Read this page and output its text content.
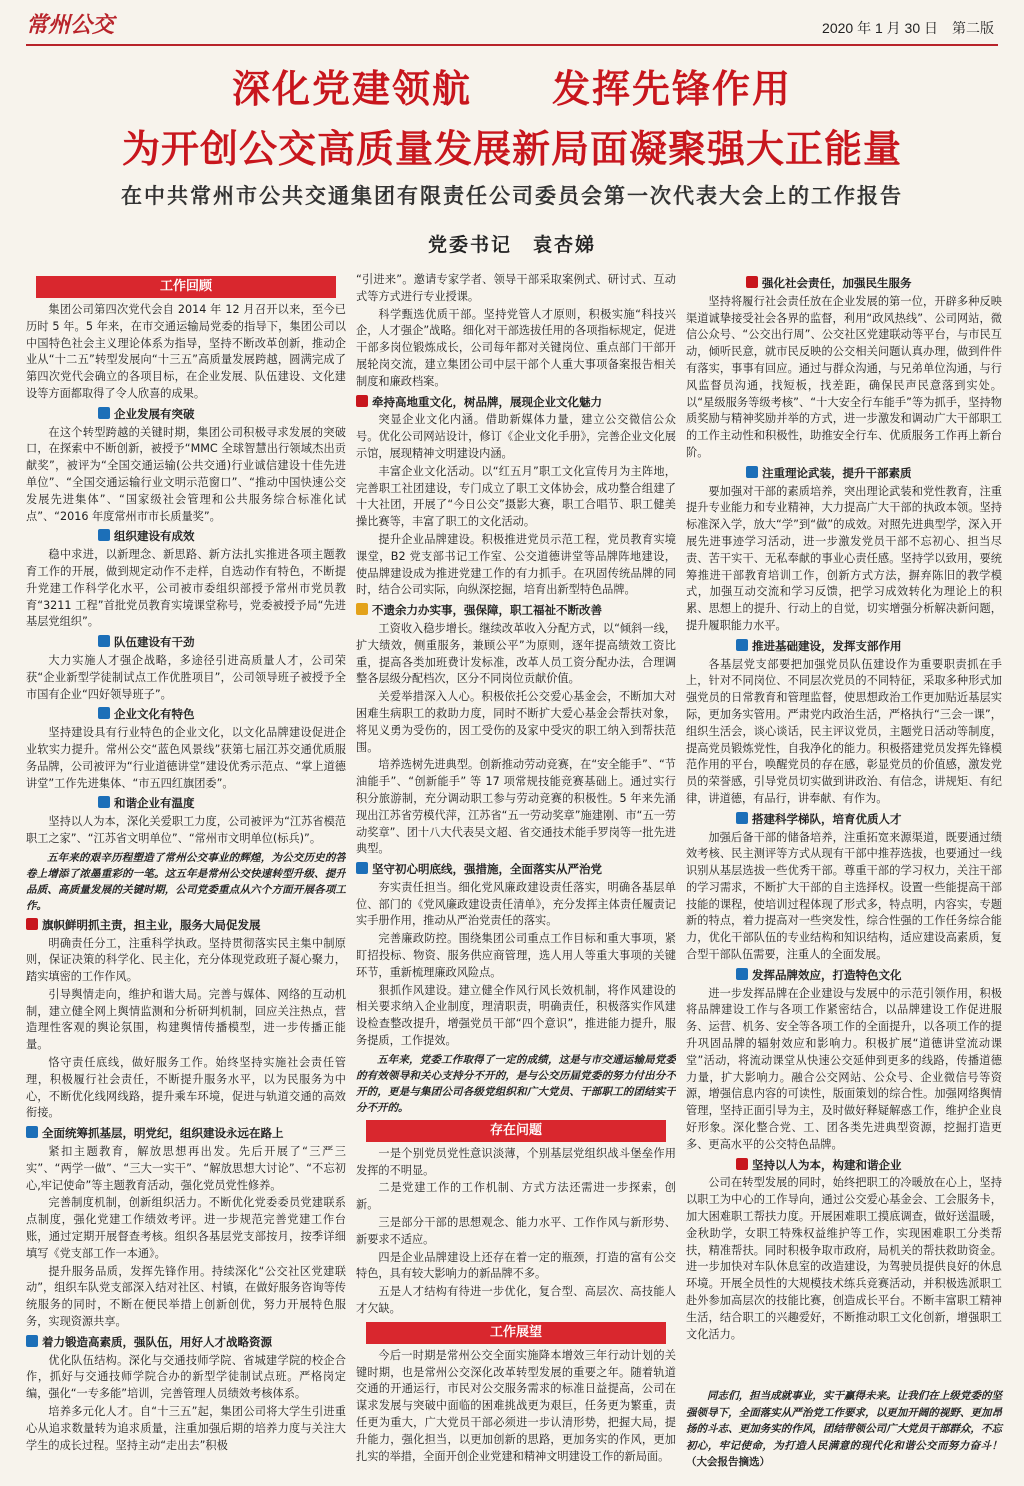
常州公交	2020 年 1 月 30 日　第二版
深化党建领航　　发挥先锋作用
为开创公交高质量发展新局面凝聚强大正能量
在中共常州市公共交通集团有限责任公司委员会第一次代表大会上的工作报告
党委书记　袁杏娣
工作回顾

集团公司第四次党代会自 2014 年 12 月召开以来，至今已历时 5 年。5 年来，在市交通运输局党委的指导下，集团公司以中国特色社会主义理论体系为指导，坚持不断改革创新，推动企业从“十二五”转型发展向“十三五”高质量发展跨越，圆满完成了第四次党代会确立的各项目标，在企业发展、队伍建设、文化建设等方面都取得了令人欣喜的成果。

企业发展有突破

在这个转型跨越的关键时期，集团公司积极寻求发展的突破口，在探索中不断创新，被授予“MMC 全球智慧出行领域杰出贡献奖”，被评为“全国交通运输(公共交通)行业诚信建设十佳先进单位”、“全国交通运输行业文明示范窗口”、“推动中国快速公交发展先进集体”、“国家级社会管理和公共服务综合标准化试点”、“2016 年度常州市市长质量奖”。

组织建设有成效

稳中求进，以新理念、新思路、新方法扎实推进各项主题教育工作的开展，做到规定动作不走样，自选动作有特色，不断提升党建工作科学化水平，公司被市委组织部授予常州市党员教育“3211 工程”首批党员教育实境课堂称号，党委被授予局“先进基层党组织”。

队伍建设有干劲

大力实施人才强企战略，多途径引进高质量人才，公司荣获“企业新型学徒制试点工作优胜项目”，公司领导班子被授予全市国有企业“四好领导班子”。

企业文化有特色

坚持建设具有行业特色的企业文化，以文化品牌建设促进企业软实力提升。常州公交“蓝色风景线”获第七届江苏交通优质服务品牌，公司被评为“行业道德讲堂”建设优秀示范点、“掌上道德讲堂”工作先进集体、“市五四红旗团委”。

和谐企业有温度

坚持以人为本，深化关爱职工力度，公司被评为“江苏省模范职工之家”、“江苏省文明单位”、“常州市文明单位(标兵)”。

五年来的艰辛历程塑造了常州公交事业的辉煌，为公交历史的答卷上增添了浓墨重彩的一笔。这五年是常州公交快速转型升级、提升品质、高质量发展的关键时期，公司党委重点从六个方面开展各项工作。

旗帜鲜明抓主责，担主业，服务大局促发展

明确责任分工，注重科学执政。坚持贯彻落实民主集中制原则，保证决策的科学化、民主化，充分体现党政班子凝心聚力，踏实填密的工作作风。

引导舆情走向，维护和谐大局。完善与媒体、网络的互动机制，建立健全网上舆情监测和分析研判机制，回应关注热点，营造理性客观的舆论氛围，构建舆情传播模型，进一步传播正能量。

恪守责任底线，做好服务工作。始终坚持实施社会责任管理，积极履行社会责任，不断提升服务水平，以为民服务为中心，不断优化线网线路，提升乘车环境，促进与轨道交通的高效衔接。

全面统筹抓基层，明党纪，组织建设永远在路上

紧扣主题教育，解放思想再出发。先后开展了“三严三实”、“两学一做”、“三大一实干”、“解放思想大讨论”、“不忘初心,牢记使命”等主题教育活动，强化党员党性修养。

完善制度机制，创新组织活力。不断优化党委委员党建联系点制度，强化党建工作绩效考评。进一步规范完善党建工作台账，通过定期开展督查考核。组织各基层党支部按月，按季详细填写《党支部工作一本通》。

提升服务品质，发挥先锋作用。持续深化“公交社区党建联动”，组织车队党支部深入结对社区、村镇，在做好服务咨询等传统服务的同时，不断在便民举措上创新创优，努力开展特色服务，实现资源共享。

着力锻造高素质，强队伍，用好人才战略资源

优化队伍结构。深化与交通技师学院、省城建学院的校企合作，抓好与交通技师学院合办的新型学徒制试点班。严格岗定编，强化“一专多能”培训，完善管理人员绩效考核体系。

培养多元化人才。自“十三五”起，集团公司将大学生引进重心从追求数量转为追求质量，注重加强后期的培养力度与关注大学生的成长过程。坚持主动“走出去”积极

“引进来”。邀请专家学者、领导干部采取案例式、研讨式、互动式等方式进行专业授课。

科学甄选优质干部。坚持党管人才原则，积极实施“科技兴企，人才强企”战略。细化对干部选拔任用的各项指标规定，促进干部多岗位锻炼成长，公司每年都对关键岗位、重点部门干部开展轮岗交流，建立集团公司中层干部个人重大事项备案报告相关制度和廉政档案。

牵持高地重文化，树品牌，展现企业文化魅力

突显企业文化内涵。借助新媒体力量，建立公交微信公众号。优化公司网站设计，修订《企业文化手册》，完善企业文化展示馆，展现精神文明建设内涵。

丰富企业文化活动。以“红五月”职工文化宣传月为主阵地，完善职工社团建设，专门成立了职工文体协会，成功整合组建了十大社团，开展了“今日公交”摄影大赛，职工合唱节、职工健美操比赛等，丰富了职工的文化活动。

提升企业品牌建设。积极推进党员示范工程，党员教育实境课堂，B2 党支部书记工作室、公交道德讲堂等品牌阵地建设，使品牌建设成为推进党建工作的有力抓手。在巩固传统品牌的同时，结合公司实际，向纵深挖掘，培育出新型特色品牌。

不遗余力办实事，强保障，职工福祉不断改善

工资收入稳步增长。继续改革收入分配方式，以“倾斜一线，扩大绩效，侧重服务，兼顾公平”为原则，逐年提高绩效工资比重，提高各类加班费计发标准，改革人员工资分配办法，合理调整各层级分配档次，区分不同岗位贡献价值。

关爱举措深入人心。积极依托公交爱心基金会，不断加大对困难生病职工的救助力度，同时不断扩大爱心基金会帮扶对象，将见义勇为受伤的，因工受伤的及家中受灾的职工纳入到帮扶范围。

培养选树先进典型。创新推动劳动竞赛，在“安全能手”、“节油能手”、“创新能手” 等 17 项常规技能竞赛基础上。通过实行积分旅游制，充分调动职工参与劳动竞赛的积极性。5 年来先涌现出江苏省劳模代萍，江苏省“五一劳动奖章”施建刚、市“五一劳动奖章”、团十八大代表吴文超、省交通技术能手罗岗等一批先进典型。

坚守初心明底线，强措施，全面落实从严治党

夯实责任担当。细化党风廉政建设责任落实，明确各基层单位、部门的《党风廉政建设责任清单》，充分发挥主体责任履责记实手册作用，推动从严治党责任的落实。

完善廉政防控。围绕集团公司重点工作目标和重大事项，紧盯招投标、物资、服务供应商管理，选人用人等重大事项的关键环节，重新梳理廉政风险点。

狠抓作风建设。建立健全作风行风长效机制，将作风建设的相关要求纳入企业制度，理清职责，明确责任，积极落实作风建设检查整改提升，增强党员干部“四个意识”，推进能力提升，服务提质，工作提效。

五年来，党委工作取得了一定的成绩，这是与市交通运输局党委的有效领导和关心支持分不开的，是与公交历届党委的努力付出分不开的，更是与集团公司各级党组织和广大党员、干部职工的团结实干分不开的。

存在问题

一是个别党员党性意识淡薄，个别基层党组织战斗堡垒作用发挥的不明显。

二是党建工作的工作机制、方式方法还需进一步探索，创新。

三是部分干部的思想观念、能力水平、工作作风与新形势、新要求不适应。

四是企业品牌建设上还存在着一定的瓶颈，打造的富有公交特色，具有较大影响力的新品牌不多。

五是人才结构有待进一步优化，复合型、高层次、高技能人才欠缺。

工作展望

今后一时期是常州公交全面实施降本增效三年行动计划的关键时期，也是常州公交深化改革转型发展的重要之年。随着轨道交通的开通运行，市民对公交服务需求的标准日益提高，公司在谋求发展与突破中面临的困难挑战更为艰巨，任务更为繁重，责任更为重大，广大党员干部必须进一步认清形势，把握大局，提升能力，强化担当，以更加创新的思路，更加务实的作风，更加扎实的举措，全面开创企业党建和精神文明建设工作的新局面。

强化社会责任，加强民生服务

坚持将履行社会责任放在企业发展的第一位，开辟多种反映渠道诚挚接受社会各界的监督，利用“政风热线”、公司网站，微信公众号、“公交出行周”、公交社区党建联动等平台，与市民互动，倾听民意，就市民反映的公交相关问题认真办理，做到件件有落实，事事有回应。通过与群众沟通，与兄弟单位沟通，与行风监督员沟通，找短板，找差距，确保民声民意落到实处。以“星级服务等级考核”、“十大安全行车能手”等为抓手，坚持物质奖励与精神奖励并举的方式，进一步激发和调动广大干部职工的工作主动性和积极性，助推安全行车、优质服务工作再上新台阶。

注重理论武装，提升干部素质

要加强对干部的素质培养，突出理论武装和党性教育，注重提升专业能力和专业精神，大力提高广大干部的执政本领。坚持标准深入学，放大“学”到“做”的成效。对照先进典型学，深入开展先进事迹学习活动，进一步激发党员干部不忘初心、担当尽责、苦干实干、无私奉献的事业心责任感。坚持学以致用，要统筹推进干部教育培训工作，创新方式方法，摒弃陈旧的教学模式，加强互动交流和学习反馈，把学习成效转化为理论上的积累、思想上的提升、行动上的自觉，切实增强分析解决新问题，提升履职能力水平。

推进基础建设，发挥支部作用

各基层党支部要把加强党员队伍建设作为重要职责抓在手上，针对不同岗位、不同层次党员的不同特征，采取多种形式加强党员的日常教育和管理监督，使思想政治工作更加贴近基层实际，更加务实管用。严肃党内政治生活，严格执行“三会一课”，组织生活会，谈心谈话，民主评议党员，主题党日活动等制度，提高党员锻炼党性，自我净化的能力。积极搭建党员发挥先锋模范作用的平台，唤醒党员的存在感，彰显党员的价值感，激发党员的荣誉感，引导党员切实做到讲政治、有信念，讲规矩、有纪律，讲道德，有品行，讲奉献、有作为。

搭建科学梯队，培育优质人才

加强后备干部的储备培养，注重拓宽来源渠道，既要通过绩效考核、民主测评等方式从现有干部中推荐选拔，也要通过一线识别从基层选拔一些优秀干部。尊重干部的学习权力，关注干部的学习需求，不断扩大干部的自主选择权。设置一些能提高干部技能的课程，使培训过程体现了形式多，特点明，内容实，专题新的特点，着力提高对一些突发性，综合性强的工作任务综合能力，优化干部队伍的专业结构和知识结构，适应建设高素质，复合型干部队伍需要，注重人的全面发展。

发挥品牌效应，打造特色文化

进一步发挥品牌在企业建设与发展中的示范引领作用，积极将品牌建设工作与各项工作紧密结合，以品牌建设工作促进服务、运营、机务、安全等各项工作的全面提升，以各项工作的提升巩固品牌的辐射效应和影响力。积极扩展“道德讲堂流动课堂”活动，将流动课堂从快速公交延伸到更多的线路，传播道德力量，扩大影响力。融合公交网站、公众号、企业微信号等资源，增强信息内容的可读性，版面策划的综合性。加强网络舆情管理，坚持正面引导为主，及时做好释疑解惑工作，维护企业良好形象。深化整合党、工、团各类先进典型资源，挖掘打造更多、更高水平的公交特色品牌。

坚持以人为本，构建和谐企业

公司在转型发展的同时，始终把职工的冷暖放在心上，坚持以职工为中心的工作导向，通过公交爱心基金会、工会服务卡，加大困难职工帮扶力度。开展困难职工摸底调查，做好送温暖，金秋助学，女职工特殊权益维护等工作，实现困难职工分类帮扶，精准帮扶。同时积极争取市政府，局机关的帮扶救助资金。进一步加快对车队休息室的改造建设，为驾驶员提供良好的休息环境。开展全员性的大规模技术练兵竞赛活动，并积极选派职工赴外参加高层次的技能比赛，创造成长平台。不断丰富职工精神生活，结合职工的兴趣爱好，不断推动职工文化创新，增强职工文化活力。

同志们，担当成就事业，实干赢得未来。让我们在上级党委的坚强领导下，全面落实从严治党工作要求，以更加开阔的视野、更加昂扬的斗志、更加务实的作风，团结带领公司广大党员干部群众，不忘初心，牢记使命，为打造人民满意的现代化和谐公交而努力奋斗！（大会报告摘选）
